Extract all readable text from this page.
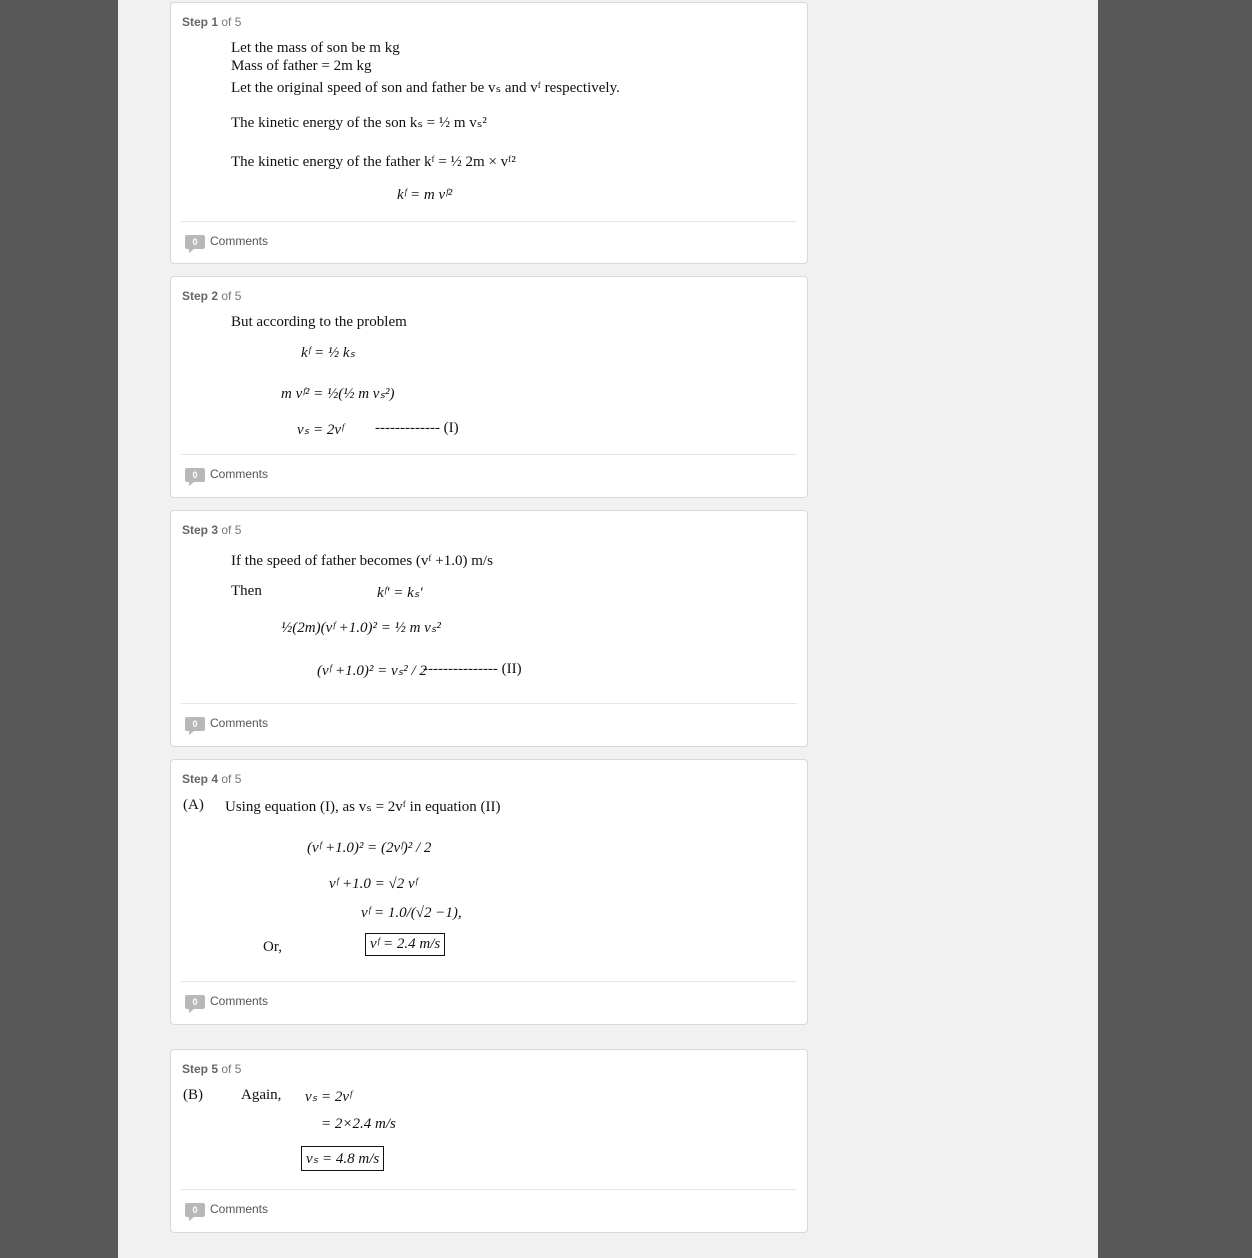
Step 1 of 5
Let the mass of son be m kg
Mass of father = 2m kg
Let the original speed of son and father be vₛ and vᶠ respectively.
The kinetic energy of the son kₛ = ½ m vₛ²
The kinetic energy of the father kᶠ = ½ 2m × vᶠ²
kᶠ = m vᶠ²
0	Comments
Step 2 of 5
But according to the problem
kᶠ = ½ kₛ
m vᶠ² = ½(½ m vₛ²)
vₛ = 2vᶠ ------------- (I)
0	Comments
Step 3 of 5
If the speed of father becomes (vᶠ +1.0) m/s
Then	kᶠ' = kₛ'
½(2m)(vᶠ +1.0)² = ½ m vₛ²
(vᶠ +1.0)² = vₛ² / 2
--------------- (II)
0	Comments
Step 4 of 5
(A) Using equation (I), as vₛ = 2vᶠ in equation (II)
(vᶠ +1.0)² = (2vᶠ)² / 2
vᶠ +1.0 = √2 vᶠ
vᶠ = 1.0/(√2 −1),
Or,	vᶠ = 2.4 m/s
0	Comments
Step 5 of 5
(B)	Again, vₛ = 2vᶠ
= 2×2.4 m/s
vₛ = 4.8 m/s
0	Comments
